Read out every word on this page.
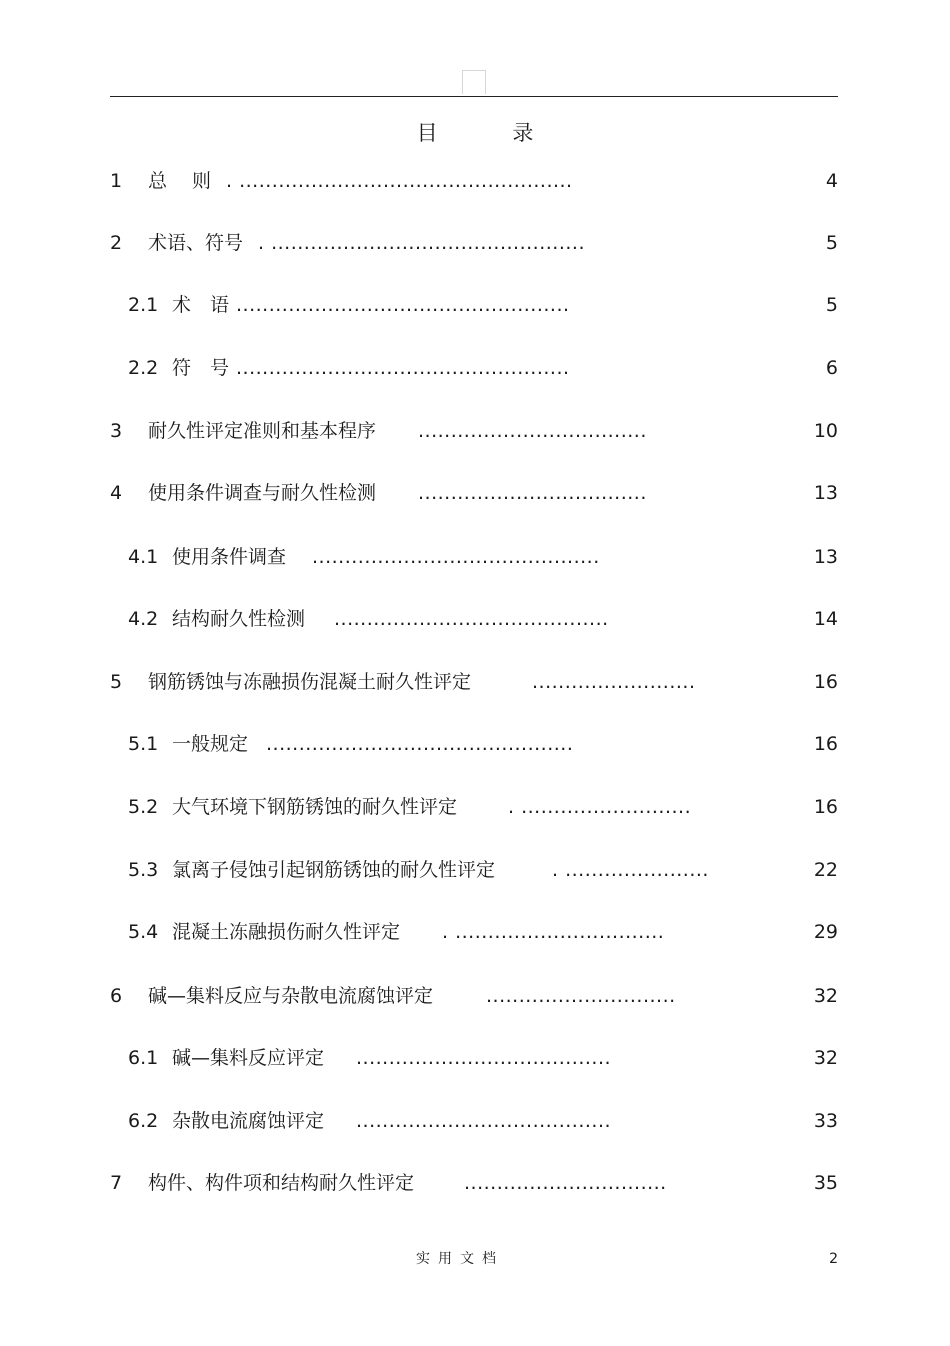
目 录
1 总　 则 . ...................................................	4
2 术语、符号 . ................................................	5
2.1 术　语 ...................................................	5
2.2 符　号 ...................................................	6
3 耐久性评定准则和基本程序 ...................................	10
4 使用条件调查与耐久性检测 ...................................	13
4.1 使用条件调查 ............................................	13
4.2 结构耐久性检测 ..........................................	14
5 钢筋锈蚀与冻融损伤混凝土耐久性评定	.........................	16
5.1 一般规定 ...............................................	16
5.2 大气环境下钢筋锈蚀的耐久性评定	. ..........................	16
5.3 氯离子侵蚀引起钢筋锈蚀的耐久性评定	. ......................	22
5.4 混凝土冻融损伤耐久性评定 . ................................	29
6 碱—集料反应与杂散电流腐蚀评定	.............................	32
6.1 碱—集料反应评定 .......................................	32
6.2 杂散电流腐蚀评定 .......................................	33
7 构件、构件项和结构耐久性评定	...............................	35
实用文档	2
